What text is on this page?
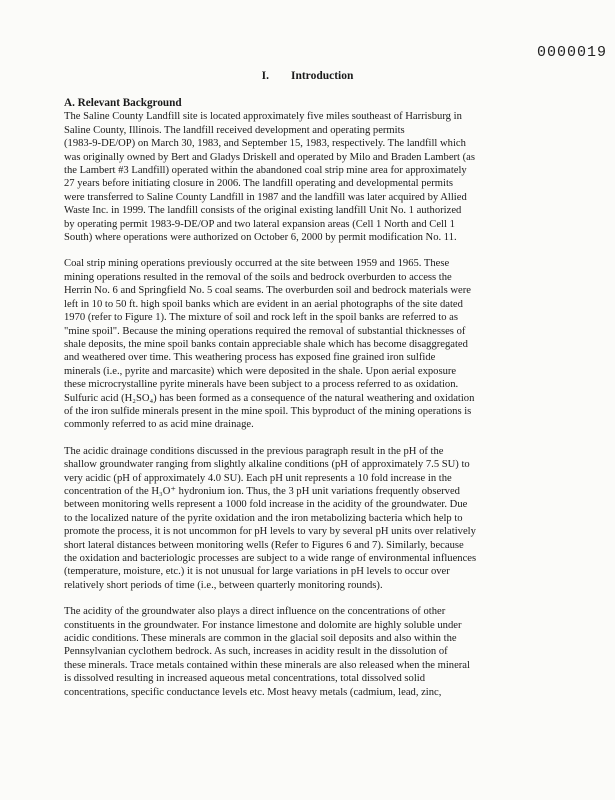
0000019
I. Introduction

A. Relevant Background

The Saline County Landfill site is located approximately five miles southeast of Harrisburg in
Saline County, Illinois. The landfill received development and operating permits
(1983-9-DE/OP) on March 30, 1983, and September 15, 1983, respectively. The landfill which
was originally owned by Bert and Gladys Driskell and operated by Milo and Braden Lambert (as
the Lambert #3 Landfill) operated within the abandoned coal strip mine area for approximately
27 years before initiating closure in 2006. The landfill operating and developmental permits
were transferred to Saline County Landfill in 1987 and the landfill was later acquired by Allied
Waste Inc. in 1999. The landfill consists of the original existing landfill Unit No. 1 authorized
by operating permit 1983-9-DE/OP and two lateral expansion areas (Cell 1 North and Cell 1
South) where operations were authorized on October 6, 2000 by permit modification No. 11.

Coal strip mining operations previously occurred at the site between 1959 and 1965. These
mining operations resulted in the removal of the soils and bedrock overburden to access the
Herrin No. 6 and Springfield No. 5 coal seams. The overburden soil and bedrock materials were
left in 10 to 50 ft. high spoil banks which are evident in an aerial photographs of the site dated
1970 (refer to Figure 1). The mixture of soil and rock left in the spoil banks are referred to as
"mine spoil". Because the mining operations required the removal of substantial thicknesses of
shale deposits, the mine spoil banks contain appreciable shale which has become disaggregated
and weathered over time. This weathering process has exposed fine grained iron sulfide
minerals (i.e., pyrite and marcasite) which were deposited in the shale. Upon aerial exposure
these microcrystalline pyrite minerals have been subject to a process referred to as oxidation.
Sulfuric acid (H₂SO₄) has been formed as a consequence of the natural weathering and oxidation
of the iron sulfide minerals present in the mine spoil. This byproduct of the mining operations is
commonly referred to as acid mine drainage.

The acidic drainage conditions discussed in the previous paragraph result in the pH of the
shallow groundwater ranging from slightly alkaline conditions (pH of approximately 7.5 SU) to
very acidic (pH of approximately 4.0 SU). Each pH unit represents a 10 fold increase in the
concentration of the H₃O⁺ hydronium ion. Thus, the 3 pH unit variations frequently observed
between monitoring wells represent a 1000 fold increase in the acidity of the groundwater. Due
to the localized nature of the pyrite oxidation and the iron metabolizing bacteria which help to
promote the process, it is not uncommon for pH levels to vary by several pH units over relatively
short lateral distances between monitoring wells (Refer to Figures 6 and 7). Similarly, because
the oxidation and bacteriologic processes are subject to a wide range of environmental influences
(temperature, moisture, etc.) it is not unusual for large variations in pH levels to occur over
relatively short periods of time (i.e., between quarterly monitoring rounds).

The acidity of the groundwater also plays a direct influence on the concentrations of other
constituents in the groundwater. For instance limestone and dolomite are highly soluble under
acidic conditions. These minerals are common in the glacial soil deposits and also within the
Pennsylvanian cyclothem bedrock. As such, increases in acidity result in the dissolution of
these minerals. Trace metals contained within these minerals are also released when the mineral
is dissolved resulting in increased aqueous metal concentrations, total dissolved solid
concentrations, specific conductance levels etc. Most heavy metals (cadmium, lead, zinc,
